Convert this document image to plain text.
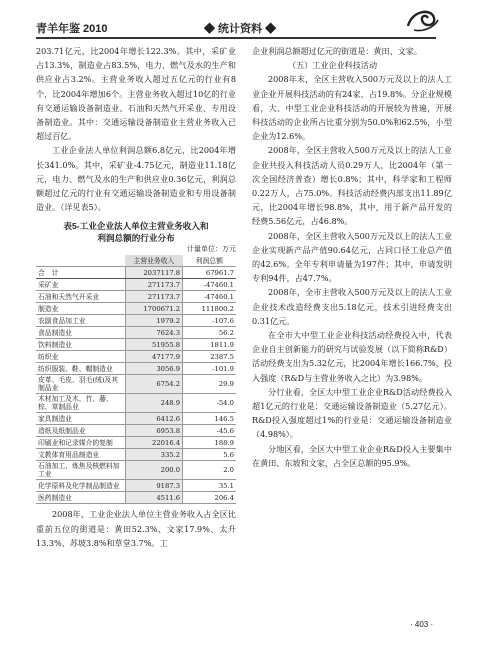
青羊年鉴 2010	◆ 统计资料 ◆

203.71亿元，比2004年增长122.3%。其中，采矿业占13.3%，制造业占83.5%，电力、燃气及水的生产和供应业占3.2%。主营业务收入超过五亿元的行业有8个，比2004年增加6个。主营业务收入超过10亿的行业有交通运输设备制造业、石油和天然气开采业、专用设备制造业。其中：交通运输设备制造业主营业务收入已超过百亿。

工业企业法人单位利润总额6.8亿元，比2004年增长341.0%。其中，采矿业-4.75亿元，制造业11.18亿元，电力、燃气及水的生产和供应业0.36亿元，利润总额超过亿元的行业有交通运输设备制造业和专用设备制造业。（详见表5）。

表5-工业企业法人单位主营业务收入和
利润总额的行业分布
计量单位：万元
	主营业务收入	利润总额
合　计	2037117.8	67961.7
采矿业	271173.7	-47460.1
石油和天然气开采业	271173.7	-47460.1
制造业	1700671.2	111800.2
农副食品加工业	1979.2	-107.6
食品制造业	7624.3	56.2
饮料制造业	51955.8	1811.9
纺织业	47177.9	2387.5
纺织服装、鞋、帽制造业	3056.9	-101.9
皮革、毛皮、羽毛(绒)及其制品业	6754.2	29.9
木材加工及木、竹、藤、棕、草制品业	248.9	-54.0
家具制造业	6412.6	146.5
造纸及纸制品业	6953.8	-45.6
印刷业和记录媒介的复制	22016.4	188.9
文教体育用品制造业	335.2	5.6
石油加工、炼焦及核燃料加工业	200.0	2.0
化学原料及化学制品制造业	9187.3	35.1
医药制造业	4511.6	206.4

2008年，工业企业法人单位主营业务收入占全区比重前五位的街道是：黄田52.3%、文家17.9%、太升13.3%、苏坡3.8%和草堂3.7%。工

企业利润总额超过亿元的街道是：黄田、文家。

（五）工业企业科技活动

2008年末，全区主营收入500万元及以上的法人工业企业开展科技活动的有24家，占19.8%。分企业规模看，大、中型工业企业科技活动的开展较为普遍，开展科技活动的企业所占比重分别为50.0%和62.5%，小型企业为12.6%。

2008年，全区主营收入500万元及以上的法人工业企业共投入科技活动人员0.29万人，比2004年（第一次全国经济普查）增长0.8%；其中，科学家和工程师0.22万人，占75.0%。科技活动经费内部支出11.89亿元，比2004年增长98.8%，其中，用于新产品开发的经费5.56亿元，占46.8%。

2008年，全区主营收入500万元及以上的法人工业企业实现新产品产值90.64亿元，占同口径工业总产值的42.6%。全年专利申请量为197件；其中，申请发明专利94件，占47.7%。

2008年，全市主营收入500万元及以上的法人工业企业技术改造经费支出5.18亿元，技术引进经费支出0.31亿元。

在全市大中型工业企业科技活动经费投入中，代表企业自主创新能力的研究与试验发展（以下简称R&D）活动经费支出为5.32亿元，比2004年增长166.7%，投入强度（R&D与主营业务收入之比）为3.98%。

分行业看，全区大中型工业企业R&D活动经费投入超1亿元的行业是：交通运输设备制造业（5.27亿元）。R&D投入强度超过1%的行业是：交通运输设备制造业（4.98%）。

分地区看，全区大中型工业企业R&D投入主要集中在黄田、东坡和文家，占全区总额的95.9%。

· 403 ·
